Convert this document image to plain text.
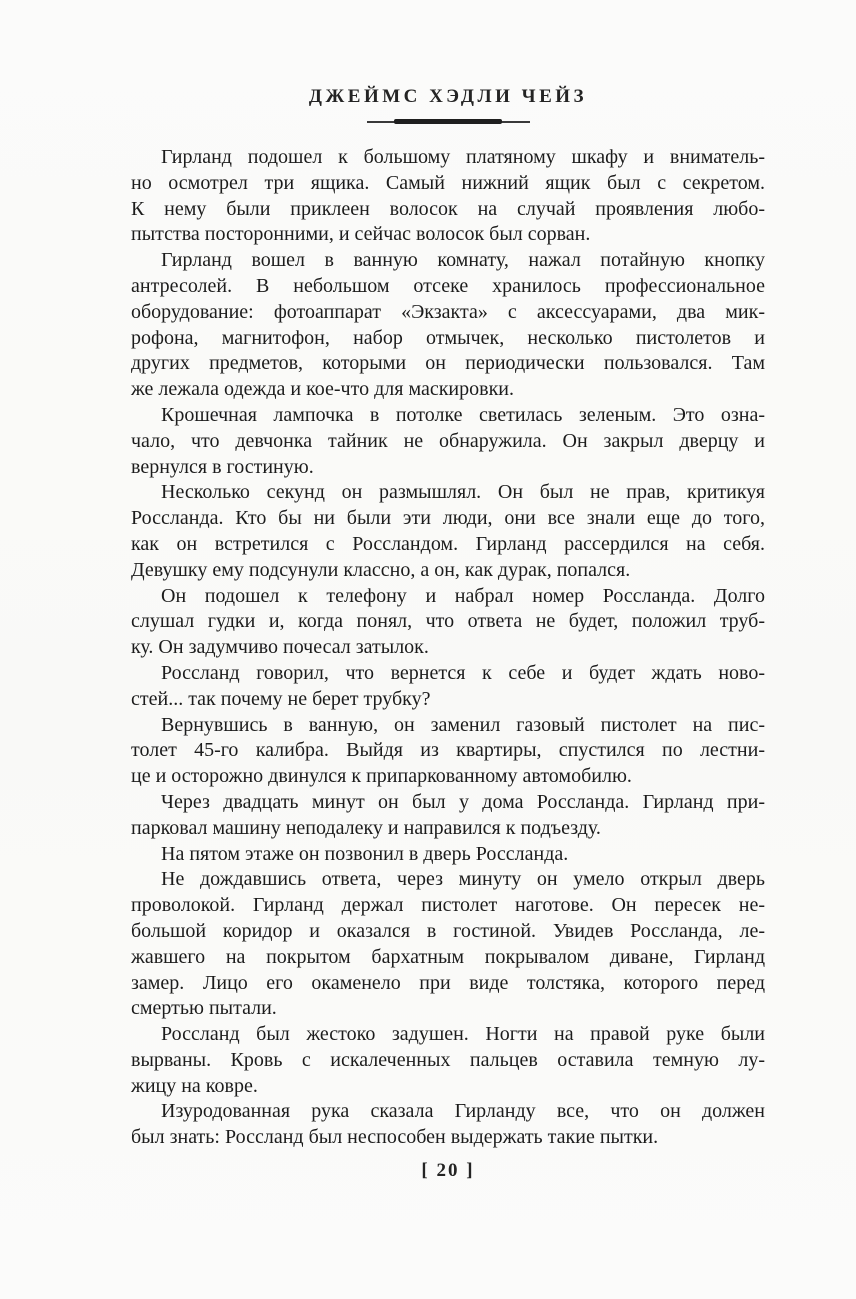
ДЖЕЙМС ХЭДЛИ ЧЕЙЗ

Гирланд подошел к большому платяному шкафу и вниматель-
но осмотрел три ящика. Самый нижний ящик был с секретом.
К нему были приклеен волосок на случай проявления любо-
пытства посторонними, и сейчас волосок был сорван.

Гирланд вошел в ванную комнату, нажал потайную кнопку
антресолей. В небольшом отсеке хранилось профессиональное
оборудование: фотоаппарат «Экзакта» с аксессуарами, два мик-
рофона, магнитофон, набор отмычек, несколько пистолетов и
других предметов, которыми он периодически пользовался. Там
же лежала одежда и кое-что для маскировки.

Крошечная лампочка в потолке светилась зеленым. Это озна-
чало, что девчонка тайник не обнаружила. Он закрыл дверцу и
вернулся в гостиную.

Несколько секунд он размышлял. Он был не прав, критикуя
Россланда. Кто бы ни были эти люди, они все знали еще до того,
как он встретился с Россландом. Гирланд рассердился на себя.
Девушку ему подсунули классно, а он, как дурак, попался.

Он подошел к телефону и набрал номер Россланда. Долго
слушал гудки и, когда понял, что ответа не будет, положил труб-
ку. Он задумчиво почесал затылок.

Россланд говорил, что вернется к себе и будет ждать ново-
стей... так почему не берет трубку?

Вернувшись в ванную, он заменил газовый пистолет на пис-
толет 45-го калибра. Выйдя из квартиры, спустился по лестни-
це и осторожно двинулся к припаркованному автомобилю.

Через двадцать минут он был у дома Россланда. Гирланд при-
парковал машину неподалеку и направился к подъезду.

На пятом этаже он позвонил в дверь Россланда.

Не дождавшись ответа, через минуту он умело открыл дверь
проволокой. Гирланд держал пистолет наготове. Он пересек не-
большой коридор и оказался в гостиной. Увидев Россланда, ле-
жавшего на покрытом бархатным покрывалом диване, Гирланд
замер. Лицо его окаменело при виде толстяка, которого перед
смертью пытали.

Россланд был жестоко задушен. Ногти на правой руке были
вырваны. Кровь с искалеченных пальцев оставила темную лу-
жицу на ковре.

Изуродованная рука сказала Гирланду все, что он должен
был знать: Россланд был неспособен выдержать такие пытки.

[ 20 ]
